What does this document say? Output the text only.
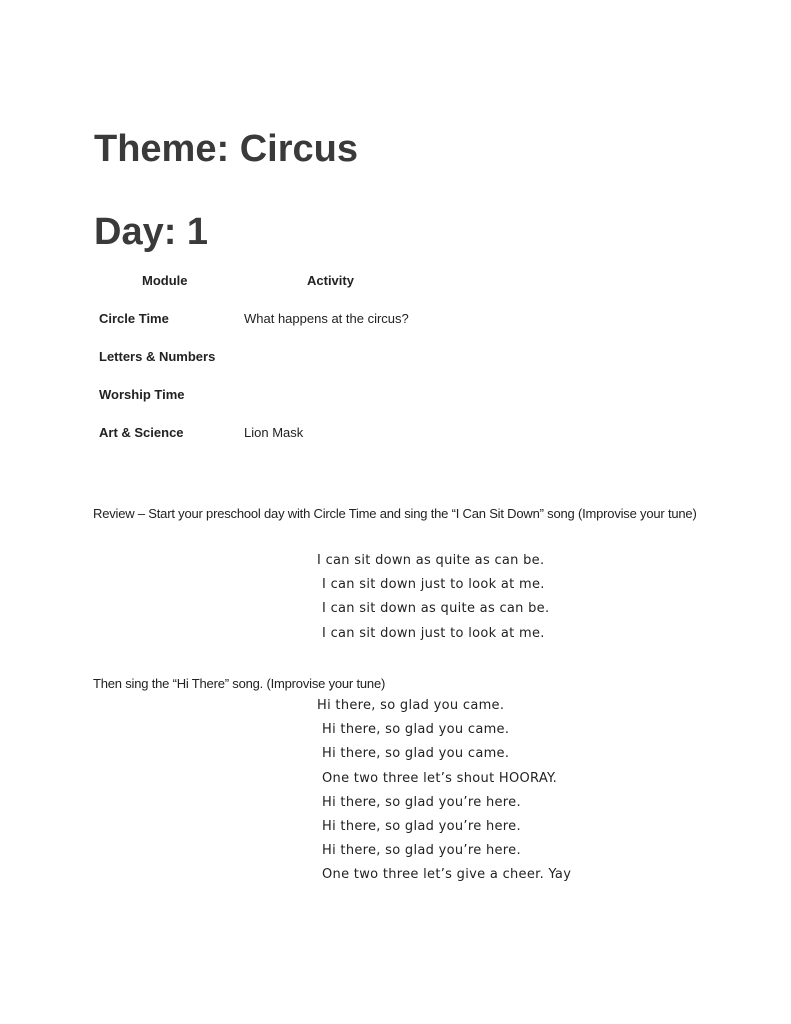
Theme: Circus
Day: 1
Module	Activity
Circle Time	What happens at the circus?
Letters & Numbers
Worship Time
Art & Science	Lion Mask

Review – Start your preschool day with Circle Time and sing the “I Can Sit Down” song (Improvise your tune)

I can sit down as quite as can be.
I can sit down just to look at me.
I can sit down as quite as can be.
I can sit down just to look at me.

Then sing the “Hi There” song. (Improvise your tune)

Hi there, so glad you came.
Hi there, so glad you came.
Hi there, so glad you came.
One two three let’s shout HOORAY.
Hi there, so glad you’re here.
Hi there, so glad you’re here.
Hi there, so glad you’re here.
One two three let’s give a cheer. Yay
